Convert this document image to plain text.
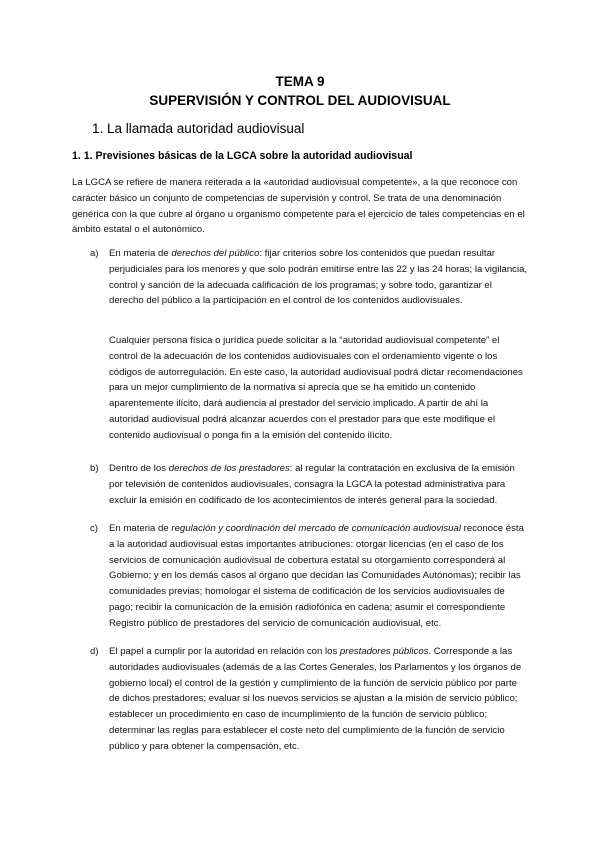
TEMA 9
SUPERVISIÓN Y CONTROL DEL AUDIOVISUAL
1. La llamada autoridad audiovisual
1. 1. Previsiones básicas de la LGCA sobre la autoridad audiovisual

La LGCA se refiere de manera reiterada a la «autoridad audiovisual competente», a la que reconoce con carácter básico un conjunto de competencias de supervisión y control. Se trata de una denominación genérica con la que cubre al órgano u organismo competente para el ejercicio de tales competencias en el ámbito estatal o el autonómico.

a) En materia de derechos del público: fijar criterios sobre los contenidos que puedan resultar perjudiciales para los menores y que solo podrán emitirse entre las 22 y las 24 horas; la vigilancia, control y sanción de la adecuada calificación de los programas; y sobre todo, garantizar el derecho del público a la participación en el control de los contenidos audiovisuales.

Cualquier persona física o jurídica puede solicitar a la “autoridad audiovisual competente” el control de la adecuación de los contenidos audiovisuales con el ordenamiento vigente o los códigos de autorregulación. En este caso, la autoridad audiovisual podrá dictar recomendaciones para un mejor cumplimiento de la normativa si aprecia que se ha emitido un contenido aparentemente ilícito, dará audiencia al prestador del servicio implicado. A partir de ahí la autoridad audiovisual podrá alcanzar acuerdos con el prestador para que este modifique el contenido audiovisual o ponga fin a la emisión del contenido ilícito.

b) Dentro de los derechos de los prestadores: al regular la contratación en exclusiva de la emisión por televisión de contenidos audiovisuales, consagra la LGCA la potestad administrativa para excluir la emisión en codificado de los acontecimientos de interés general para la sociedad.
c) En materia de regulación y coordinación del mercado de comunicación audiovisual reconoce ésta a la autoridad audiovisual estas importantes atribuciones: otorgar licencias (en el caso de los servicios de comunicación audiovisual de cobertura estatal su otorgamiento corresponderá al Gobierno; y en los demás casos al órgano que decidan las Comunidades Autónomas); recibir las comunidades previas; homologar el sistema de codificación de los servicios audiovisuales de pago; recibir la comunicación de la emisión radiofónica en cadena; asumir el correspondiente Registro público de prestadores del servicio de comunicación audiovisual, etc.
d) El papel a cumplir por la autoridad en relación con los prestadores públicos. Corresponde a las autoridades audiovisuales (además de a las Cortes Generales, los Parlamentos y los órganos de gobierno local) el control de la gestión y cumplimiento de la función de servicio público por parte de dichos prestadores; evaluar si los nuevos servicios se ajustan a la misión de servicio público; establecer un procedimiento en caso de incumplimiento de la función de servicio público; determinar las reglas para establecer el coste neto del cumplimiento de la función de servicio público y para obtener la compensación, etc.
